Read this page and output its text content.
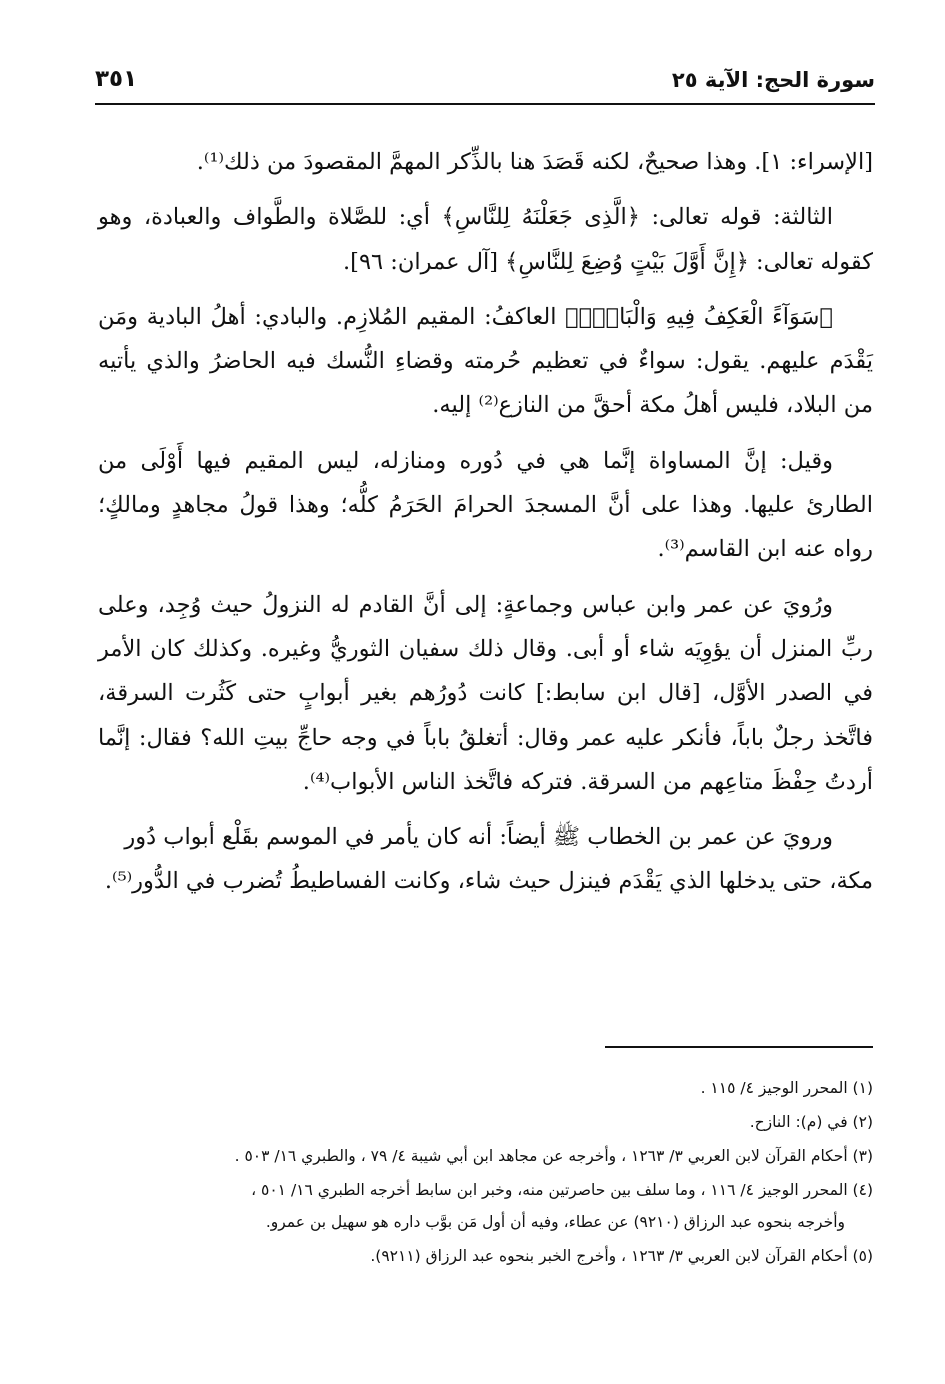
سورة الحج: الآية ٢٥
٣٥١

[الإسراء: ١]. وهذا صحيحٌ، لكنه قَصَدَ هنا بالذِّكر المهمَّ المقصودَ من ذلك⁽¹⁾.

الثالثة: قوله تعالى: ﴿الَّذِى جَعَلْنَهُ لِلنَّاسِ﴾ أي: للصَّلاة والطَّواف والعبادة، وهو كقوله تعالى: ﴿إِنَّ أَوَّلَ بَيْتٍ وُضِعَ لِلنَّاسِ﴾ [آل عمران: ٩٦].

﴿سَوَآءً الْعَكِفُ فِيهِ وَالْبَادِۚ﴾ العاكفُ: المقيم المُلازِم. والبادي: أهلُ البادية ومَن يَقْدَم عليهم. يقول: سواءٌ في تعظيم حُرمته وقضاءِ النُّسك فيه الحاضرُ والذي يأتيه من البلاد، فليس أهلُ مكة أحقَّ من النازع⁽²⁾ إليه.

وقيل: إنَّ المساواة إنَّما هي في دُوره ومنازله، ليس المقيم فيها أَوْلَى من الطارئ عليها. وهذا على أنَّ المسجدَ الحرامَ الحَرَمُ كلُّه؛ وهذا قولُ مجاهدٍ ومالكٍ؛ رواه عنه ابن القاسم⁽³⁾.

ورُويَ عن عمر وابن عباس وجماعةٍ: إلى أنَّ القادم له النزولُ حيث وُجِد، وعلى ربِّ المنزل أن يؤوِيَه شاء أو أبى. وقال ذلك سفيان الثوريُّ وغيره. وكذلك كان الأمر في الصدر الأوَّل، [قال ابن سابط:] كانت دُورُهم بغير أبوابٍ حتى كَثُرت السرقة، فاتَّخذ رجلٌ باباً، فأنكر عليه عمر وقال: أتغلقُ باباً في وجه حاجِّ بيتِ الله؟ فقال: إنَّما أردتُ حِفْظَ متاعِهم من السرقة. فتركه فاتَّخذ الناس الأبواب⁽⁴⁾.

ورويَ عن عمر بن الخطاب ﷺ أيضاً: أنه كان يأمر في الموسم بقَلْع أبواب دُور مكة، حتى يدخلها الذي يَقْدَم فينزل حيث شاء، وكانت الفساطيطُ تُضرب في الدُّور⁽⁵⁾.

(١) المحرر الوجيز ٤/ ١١٥ .
(٢) في (م): النازح.
(٣) أحكام القرآن لابن العربي ٣/ ١٢٦٣ ، وأخرجه عن مجاهد ابن أبي شيبة ٤/ ٧٩ ، والطبري ١٦/ ٥٠٣ .
(٤) المحرر الوجيز ٤/ ١١٦ ، وما سلف بين حاصرتين منه، وخبر ابن سابط أخرجه الطبري ١٦/ ٥٠١ ،
وأخرجه بنحوه عبد الرزاق (٩٢١٠) عن عطاء، وفيه أن أول مَن بوَّب داره هو سهيل بن عمرو.
(٥) أحكام القرآن لابن العربي ٣/ ١٢٦٣ ، وأخرج الخبر بنحوه عبد الرزاق (٩٢١١).
